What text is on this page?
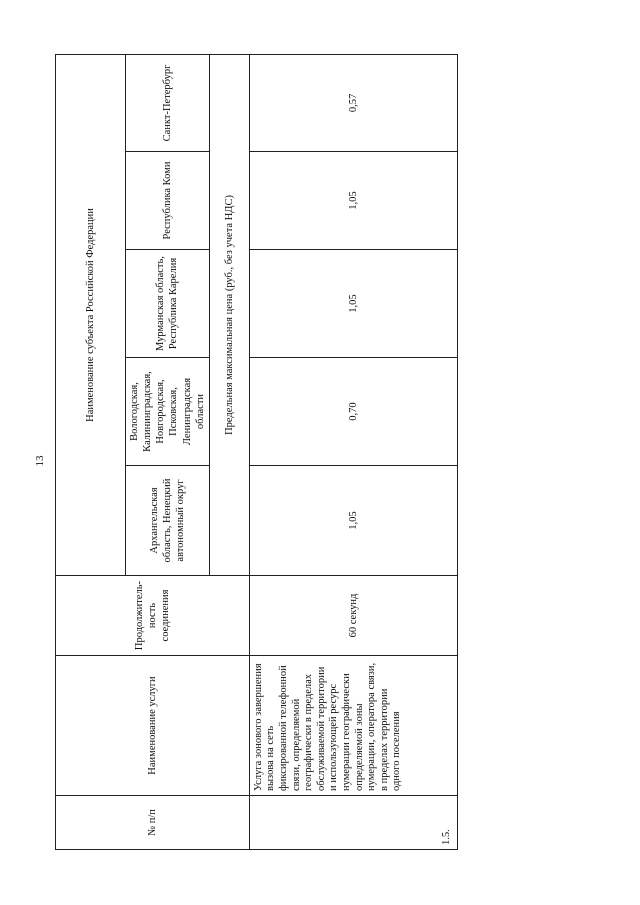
13
№ п/п	Наименование услуги	Продолжитель-ность соединения	Наименование субъекта Российской Федерации				
			Архангельская область, Ненецкий автономный округ	Вологодская, Калининградская, Новгородская, Псковская, Ленинградская области	Мурманская область, Республика Карелия	Республика Коми	Санкт-Петербург
			Предельная максимальная цена (руб., без учета НДС)				
1.5.	Услуга зонового завершения вызова на сеть фиксированной телефонной связи, определяемой географически в пределах обслуживаемой территории и использующей ресурс нумерации географически определяемой зоны нумерации, оператора связи, в пределах территории одного поселения	60 секунд	1,05	0,70	1,05	1,05	0,57
